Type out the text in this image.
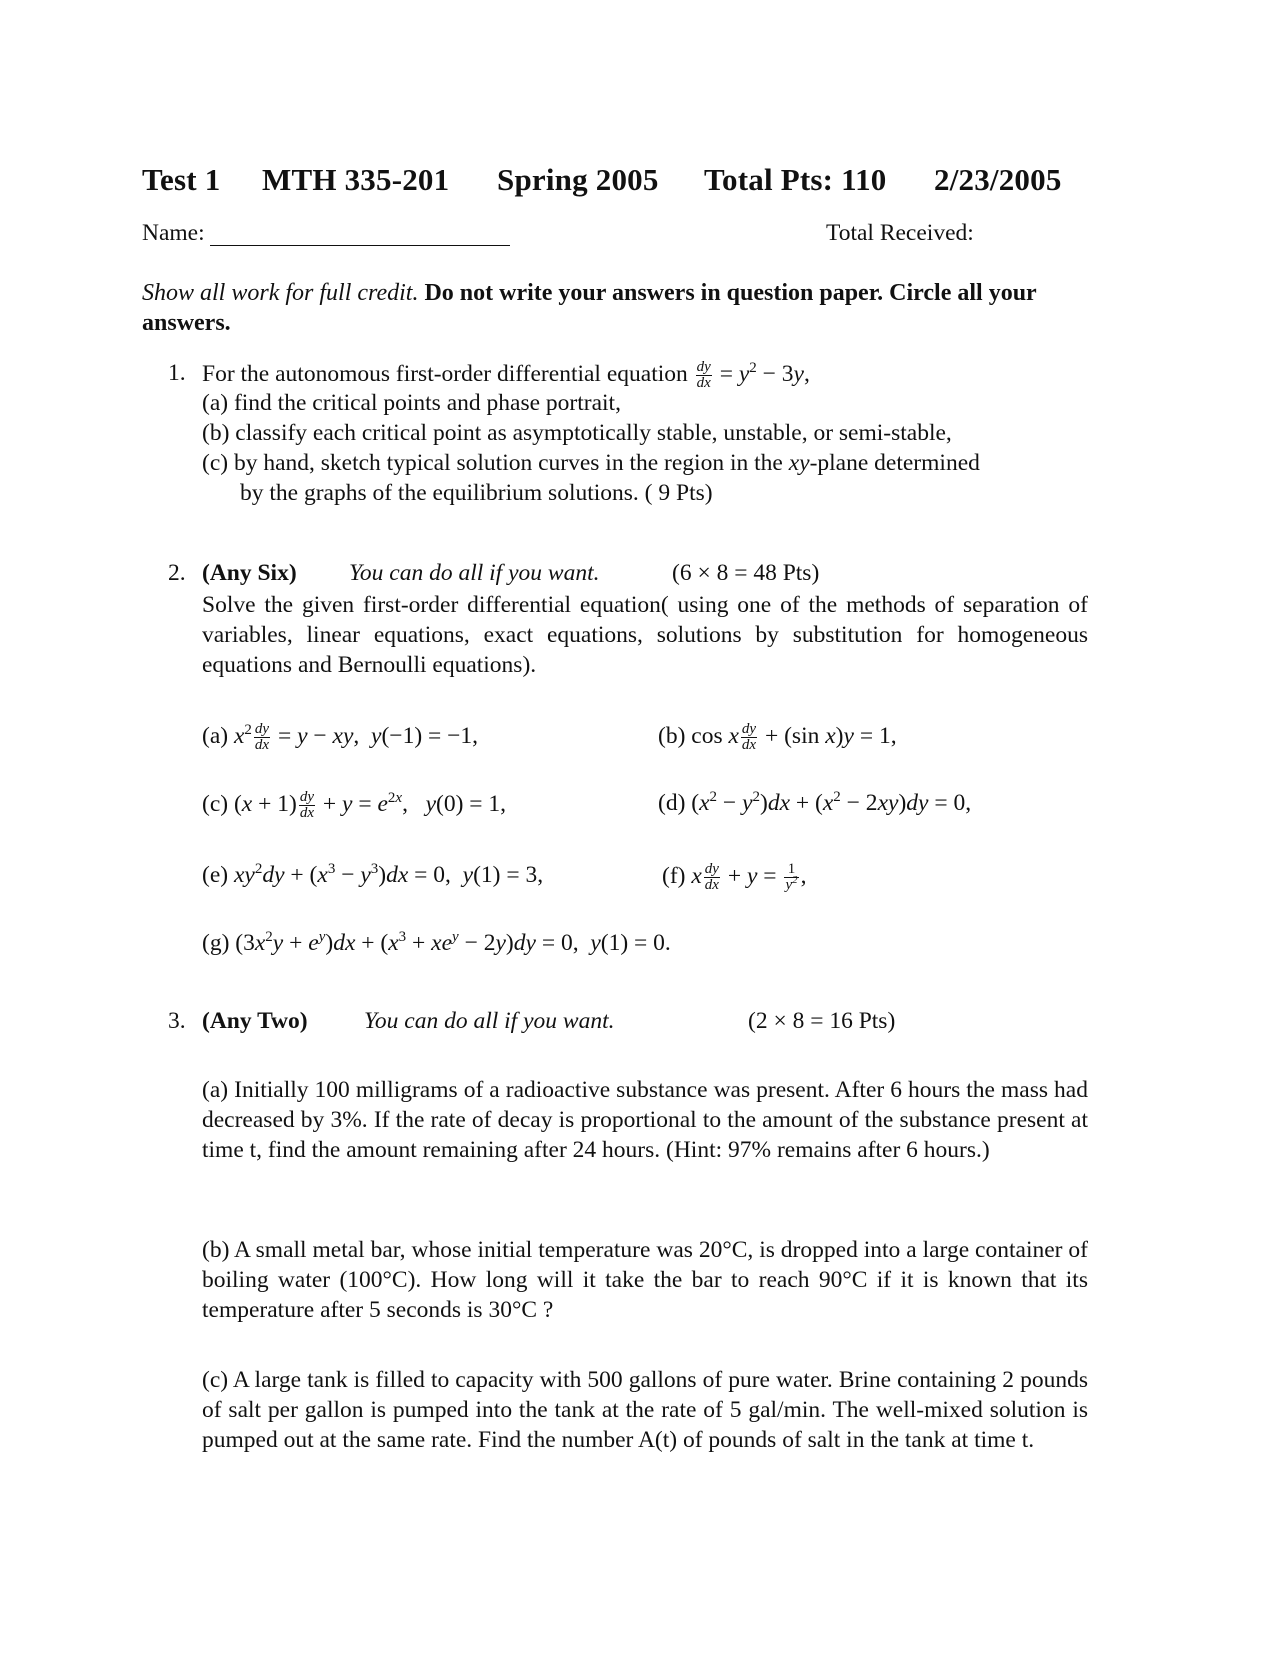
Test 1 MTH 335-201 Spring 2005 Total Pts: 110 2/23/2005
Name:	Total Received:
Show all work for full credit. Do not write your answers in question paper. Circle all your answers.
1. For the autonomous first-order differential equation $\frac{dy}{dx} = y^2 - 3y$,
(a) find the critical points and phase portrait,
(b) classify each critical point as asymptotically stable, unstable, or semi-stable,
(c) by hand, sketch typical solution curves in the region in the xy-plane determined
by the graphs of the equilibrium solutions. ( 9 Pts)
2. (Any Six) You can do all if you want.	(6 × 8 = 48 Pts)
Solve the given first-order differential equation( using one of the methods of separation of variables, linear equations, exact equations, solutions by substitution for homogeneous equations and Bernoulli equations).
(a) $x^2 \frac{dy}{dx} = y$ − xy,  y(−1) = −1,	(b) cos x $\frac{dy}{dx} + (\sin$ x)y = 1,
(c) $(x + 1) \frac{dy}{dx} + y = e^{2x}$,   y(0) = 1,	(d) $(x^2 - y^2)dx + (x^2 - 2xy)dy = 0$,
(e) $xy^2dy + (x^3 - y^3)dx = 0$,  y(1) = 3,	(f) x $\frac{dy}{dx} + y = \frac{1}{y^2}$ ,
(g) $(3x^2y + e^y)dx + (x^3 + xe^y - 2y)dy = 0$,  y(1) = 0.
3. (Any Two) You can do all if you want.	(2 × 8 = 16 Pts)
(a) Initially 100 milligrams of a radioactive substance was present. After 6 hours the mass had decreased by 3%. If the rate of decay is proportional to the amount of the substance present at time t, find the amount remaining after 24 hours. (Hint: 97% remains after 6 hours.)
(b) A small metal bar, whose initial temperature was 20°C, is dropped into a large container of boiling water (100°C). How long will it take the bar to reach 90°C if it is known that its temperature after 5 seconds is 30°C ?
(c) A large tank is filled to capacity with 500 gallons of pure water. Brine containing 2 pounds of salt per gallon is pumped into the tank at the rate of 5 gal/min. The well-mixed solution is pumped out at the same rate. Find the number A(t) of pounds of salt in the tank at time t.
